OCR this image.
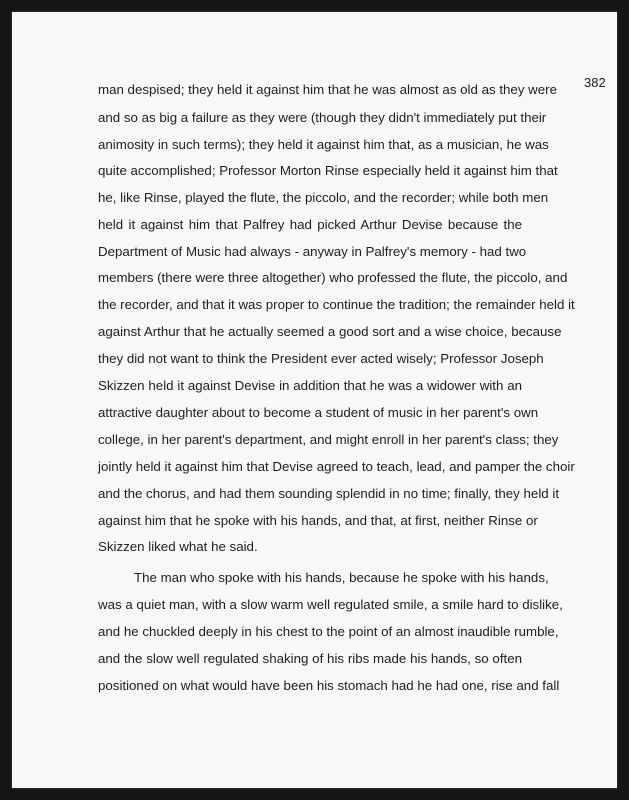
382
man despised; they held it against him that he was almost as old as they were
and so as big a failure as they were (though they didn't immediately put their
animosity in such terms); they held it against him that, as a musician, he was
quite accomplished; Professor Morton Rinse especially held it against him that
he, like Rinse, played the flute, the piccolo, and the recorder; while both men
held it against him that Palfrey had picked Arthur Devise because the
Department of Music had always - anyway in Palfrey's memory - had two
members (there were three altogether) who professed the flute, the piccolo, and
the recorder, and that it was proper to continue the tradition; the remainder held it
against Arthur that he actually seemed a good sort and a wise choice, because
they did not want to think the President ever acted wisely; Professor Joseph
Skizzen held it against Devise in addition that he was a widower with an
attractive daughter about to become a student of music in her parent's own
college, in her parent's department, and might enroll in her parent's class; they
jointly held it against him that Devise agreed to teach, lead, and pamper the choir
and the chorus, and had them sounding splendid in no time; finally, they held it
against him that he spoke with his hands, and that, at first, neither Rinse or
Skizzen liked what he said.
The man who spoke with his hands, because he spoke with his hands,
was a quiet man, with a slow warm well regulated smile, a smile hard to dislike,
and he chuckled deeply in his chest to the point of an almost inaudible rumble,
and the slow well regulated shaking of his ribs made his hands, so often
positioned on what would have been his stomach had he had one, rise and fall
